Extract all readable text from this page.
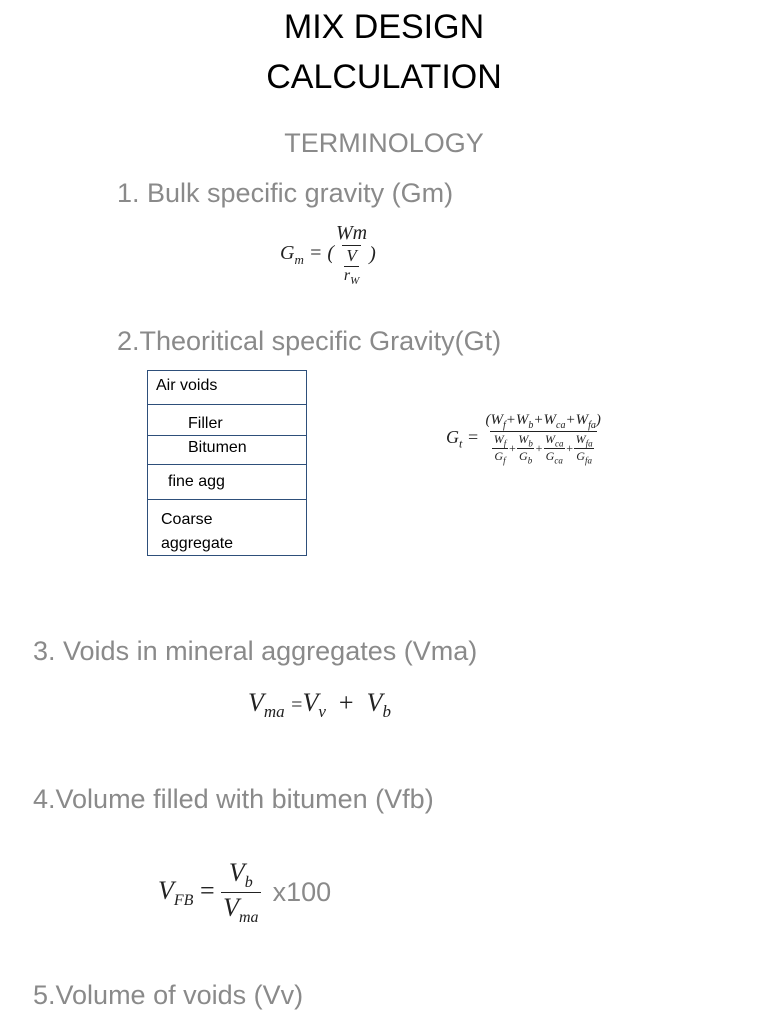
MIX DESIGN
CALCULATION
TERMINOLOGY
1. Bulk specific gravity (Gm)
$G_m$ = ( Wm
V
$r_W$ )
2.Theoritical specific Gravity(Gt)
Air voids
Filler
Bitumen
fine agg
Coarse
aggregate
$G_t = \frac{(W_f+W_b+W_{ca}+W_{fa})}{\frac{W_f}{G_f} + \frac{W_b}{G_b} + \frac{W_{ca}}{G_{ca}} + \frac{W_{fa}}{G_{fa}}}$
3. Voids in mineral aggregates (Vma)
$V_{ma} =V_v + V_b$
4.Volume filled with bitumen (Vfb)
$V_{FB} = \frac{V_b}{V_{ma}} x100$
5.Volume of voids (Vv)
